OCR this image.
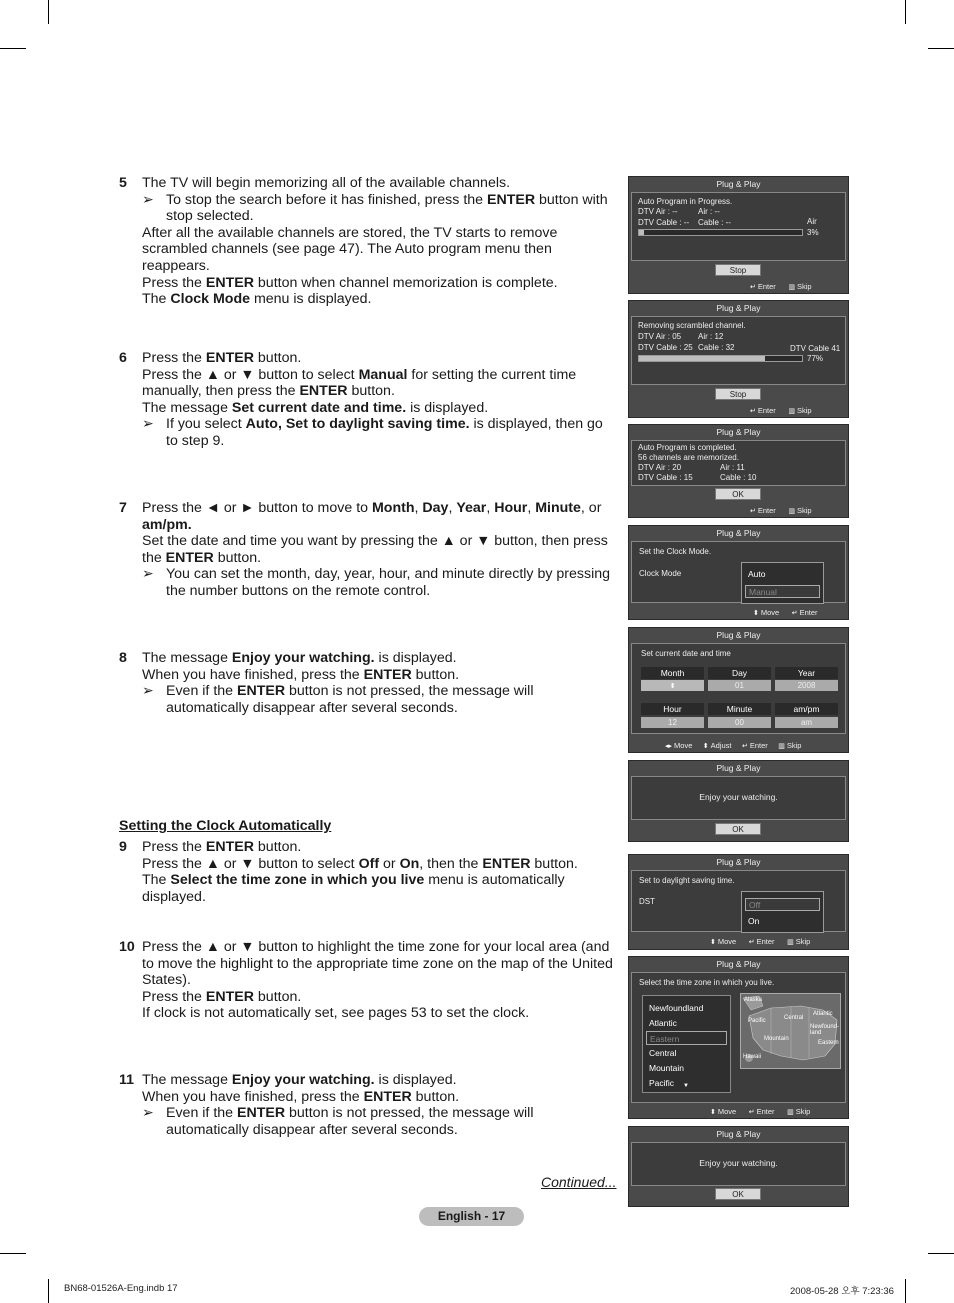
5 The TV will begin memorizing all of the available channels.

➢ To stop the search before it has finished, press the ENTER button with stop selected.

After all the available channels are stored, the TV starts to remove scrambled channels (see page 47). The Auto program menu then reappears.

Press the ENTER button when channel memorization is complete.

The Clock Mode menu is displayed.

6 Press the ENTER button.

Press the ▲ or ▼ button to select Manual for setting the current time manually, then press the ENTER button.

The message Set current date and time. is displayed.

➢ If you select Auto, Set to daylight saving time. is displayed, then go to step 9.

7 Press the ◄ or ► button to move to Month, Day, Year, Hour, Minute, or am/pm.

Set the date and time you want by pressing the ▲ or ▼ button, then press the ENTER button.

➢ You can set the month, day, year, hour, and minute directly by pressing the number buttons on the remote control.

8 The message Enjoy your watching. is displayed.

When you have finished, press the ENTER button.

➢ Even if the ENTER button is not pressed, the message will automatically disappear after several seconds.

Setting the Clock Automatically
9 Press the ENTER button.

Press the ▲ or ▼ button to select Off or On, then the ENTER button.

The Select the time zone in which you live menu is automatically displayed.

10 Press the ▲ or ▼ button to highlight the time zone for your local area (and to move the highlight to the appropriate time zone on the map of the United States).

Press the ENTER button.

If clock is not automatically set, see pages 53 to set the clock.

11 The message Enjoy your watching. is displayed.

When you have finished, press the ENTER button.

➢ Even if the ENTER button is not pressed, the message will automatically disappear after several seconds.

Continued...
English - 17
BN68-01526A-Eng.indb 17	2008-05-28 오후 7:23:36
Plug & Play
Auto Program in Progress.
DTV Air : --	Air : --
DTV Cable : -- Cable : --	Air
3%
Stop
↵ Enter ▥ Skip
Plug & Play
Removing scrambled channel.
DTV Air : 05 Air : 12
DTV Cable : 25 Cable : 32	DTV Cable 41
77%
Stop
↵ Enter ▥ Skip
Plug & Play
Auto Program is completed.
56 channels are memorized.
DTV Air : 20	Air : 11
DTV Cable : 15	Cable : 10
OK
↵ Enter ▥ Skip
Plug & Play
Set the Clock Mode.
Clock Mode	Auto
Manual
⬍ Move ↵ Enter
Plug & Play
Set current date and time
Month	Day	Year
⬍	01	2008
Hour	Minute	am/pm
12	00	am
◂▸ Move ⬍ Adjust ↵ Enter ▥ Skip
Plug & Play
Enjoy your watching.
OK
Plug & Play
Set to daylight saving time.
DST	Off
On
⬍ Move ↵ Enter ▥ Skip
Plug & Play
Select the time zone in which you live.
Newfoundland
Atlantic
Eastern
Central
Mountain
Pacific	▼
Alaska
Pacific	Central
Atlantic
Newfound-land
Mountain
Eastern
Hawaii
⬍ Move ↵ Enter ▥ Skip
Plug & Play
Enjoy your watching.
OK
